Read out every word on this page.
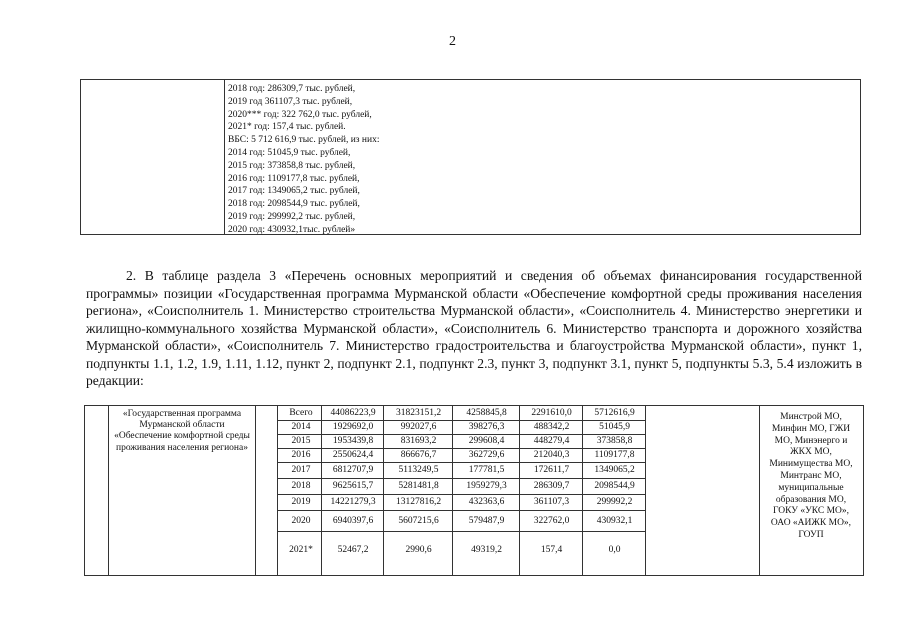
2
2018 год: 286309,7 тыс. рублей,
2019 год 361107,3 тыс. рублей,
2020*** год: 322 762,0 тыс. рублей,
2021* год: 157,4 тыс. рублей.
ВБС: 5 712 616,9 тыс. рублей, из них:
2014 год: 51045,9 тыс. рублей,
2015 год: 373858,8 тыс. рублей,
2016 год: 1109177,8 тыс. рублей,
2017 год: 1349065,2 тыс. рублей,
2018 год: 2098544,9 тыс. рублей,
2019 год: 299992,2 тыс. рублей,
2020 год: 430932,1тыс. рублей»

2. В таблице раздела 3 «Перечень основных мероприятий и сведения об объемах финансирования государственной программы» позиции «Государственная программа Мурманской области «Обеспечение комфортной среды проживания населения региона», «Соисполнитель 1. Министерство строительства Мурманской области», «Соисполнитель 4. Министерство энергетики и жилищно-коммунального хозяйства Мурманской области», «Соисполнитель 6. Министерство транспорта и дорожного хозяйства Мурманской области», «Соисполнитель 7. Министерство градостроительства и благоустройства Мурманской области», пункт 1, подпункты 1.1, 1.2, 1.9, 1.11, 1.12, пункт 2, подпункт 2.1, подпункт 2.3, пункт 3, подпункт 3.1, пункт 5, подпункты 5.3, 5.4 изложить в редакции:

«Государственная программа Мурманской области «Обеспечение комфортной среды проживания населения региона»
Всего	44086223,9	31823151,2	4258845,8	2291610,0	5712616,9
2014	1929692,0	992027,6	398276,3	488342,2	51045,9
2015	1953439,8	831693,2	299608,4	448279,4	373858,8
2016	2550624,4	866676,7	362729,6	212040,3	1109177,8
2017	6812707,9	5113249,5	177781,5	172611,7	1349065,2
2018	9625615,7	5281481,8	1959279,3	286309,7	2098544,9
2019	14221279,3	13127816,2	432363,6	361107,3	299992,2
2020	6940397,6	5607215,6	579487,9	322762,0	430932,1
2021*	52467,2	2990,6	49319,2	157,4	0,0
Минстрой МО, Минфин МО, ГЖИ МО, Минэнерго и ЖКХ МО, Минимущества МО, Минтранс МО, муниципальные образования МО, ГОКУ «УКС МО», ОАО «АИЖК МО», ГОУП
